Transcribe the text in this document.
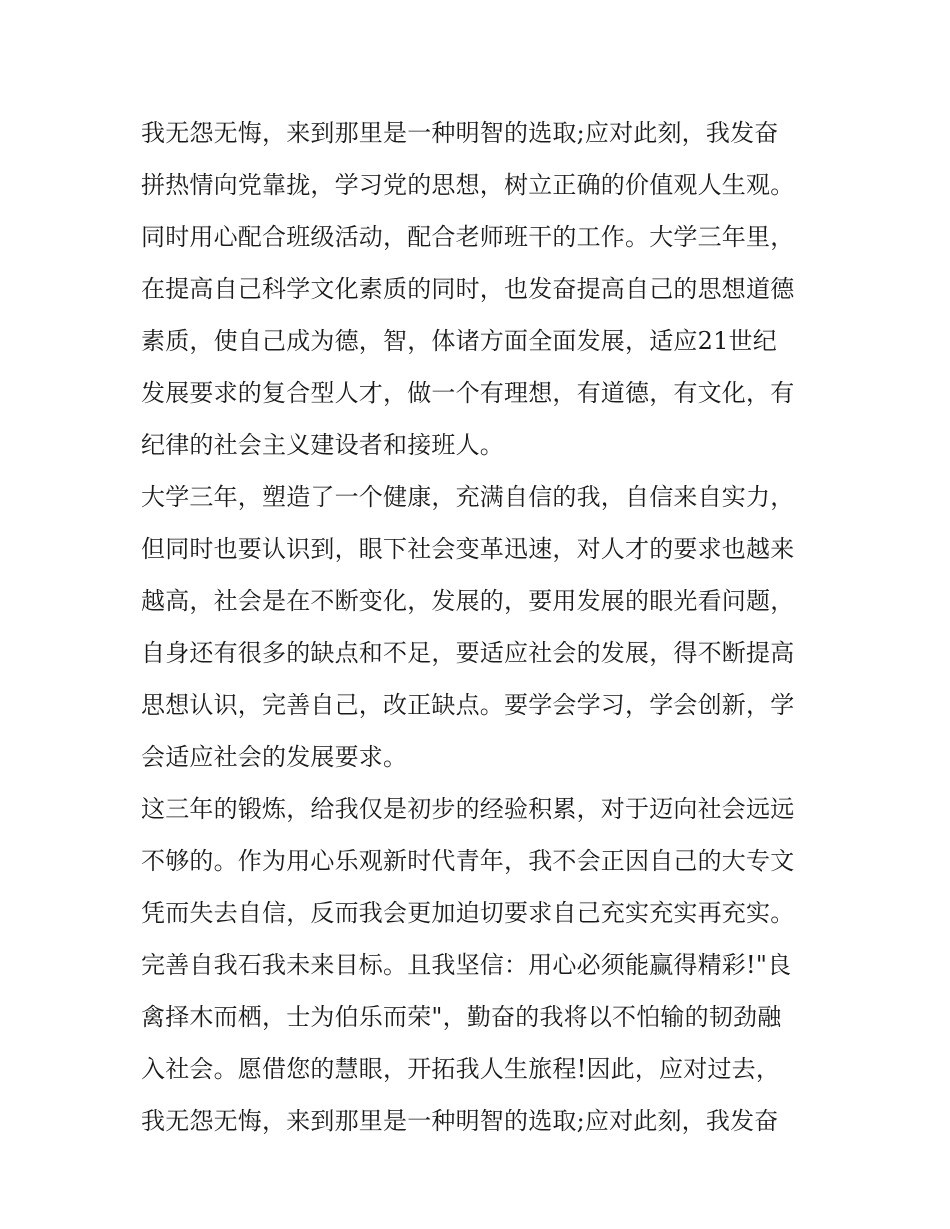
我无怨无悔，来到那里是一种明智的选取;应对此刻，我发奋
拼热情向党靠拢，学习党的思想，树立正确的价值观人生观。
同时用心配合班级活动，配合老师班干的工作。大学三年里，
在提高自己科学文化素质的同时，也发奋提高自己的思想道德
素质，使自己成为德，智，体诸方面全面发展，适应21世纪
发展要求的复合型人才，做一个有理想，有道德，有文化，有
纪律的社会主义建设者和接班人。
大学三年，塑造了一个健康，充满自信的我，自信来自实力，
但同时也要认识到，眼下社会变革迅速，对人才的要求也越来
越高，社会是在不断变化，发展的，要用发展的眼光看问题，
自身还有很多的缺点和不足，要适应社会的发展，得不断提高
思想认识，完善自己，改正缺点。要学会学习，学会创新，学
会适应社会的发展要求。
这三年的锻炼，给我仅是初步的经验积累，对于迈向社会远远
不够的。作为用心乐观新时代青年，我不会正因自己的大专文
凭而失去自信，反而我会更加迫切要求自己充实充实再充实。
完善自我石我未来目标。且我坚信：用心必须能赢得精彩!"良
禽择木而栖，士为伯乐而荣"，勤奋的我将以不怕输的韧劲融
入社会。愿借您的慧眼，开拓我人生旅程!因此，应对过去，
我无怨无悔，来到那里是一种明智的选取;应对此刻，我发奋
